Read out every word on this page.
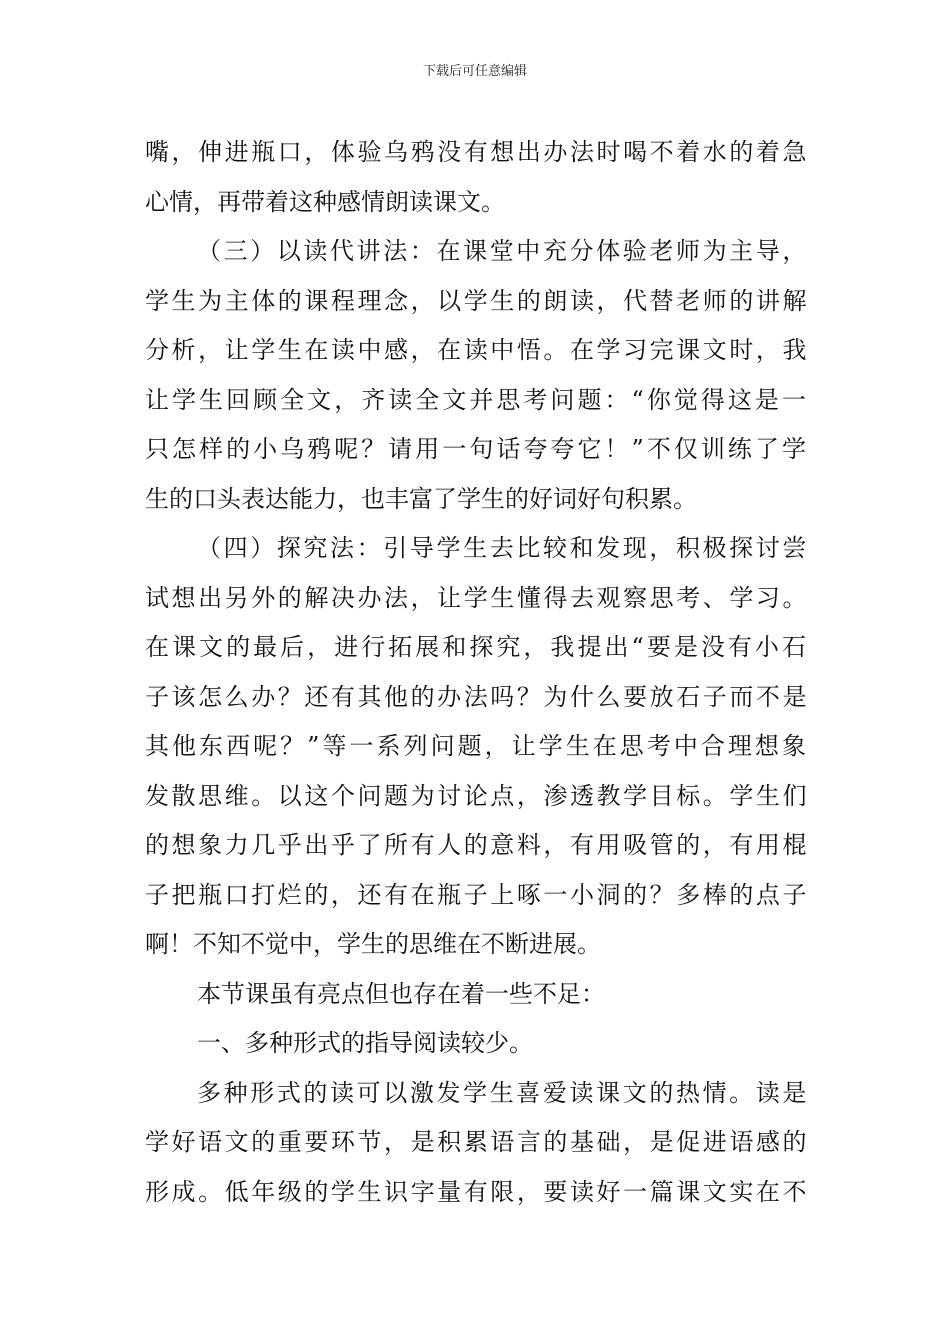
下载后可任意编辑
嘴，伸进瓶口，体验乌鸦没有想出办法时喝不着水的着急
心情，再带着这种感情朗读课文。
（三）以读代讲法：在课堂中充分体验老师为主导，
学生为主体的课程理念，以学生的朗读，代替老师的讲解
分析，让学生在读中感，在读中悟。在学习完课文时，我
让学生回顾全文，齐读全文并思考问题：“你觉得这是一
只怎样的小乌鸦呢？请用一句话夸夸它！”不仅训练了学
生的口头表达能力，也丰富了学生的好词好句积累。
（四）探究法：引导学生去比较和发现，积极探讨尝
试想出另外的解决办法，让学生懂得去观察思考、学习。
在课文的最后，进行拓展和探究，我提出“要是没有小石
子该怎么办？还有其他的办法吗？为什么要放石子而不是
其他东西呢？”等一系列问题，让学生在思考中合理想象
发散思维。以这个问题为讨论点，渗透教学目标。学生们
的想象力几乎出乎了所有人的意料，有用吸管的，有用棍
子把瓶口打烂的，还有在瓶子上啄一小洞的？多棒的点子
啊！不知不觉中，学生的思维在不断进展。
本节课虽有亮点但也存在着一些不足：
一、多种形式的指导阅读较少。
多种形式的读可以激发学生喜爱读课文的热情。读是
学好语文的重要环节，是积累语言的基础，是促进语感的
形成。低年级的学生识字量有限，要读好一篇课文实在不
